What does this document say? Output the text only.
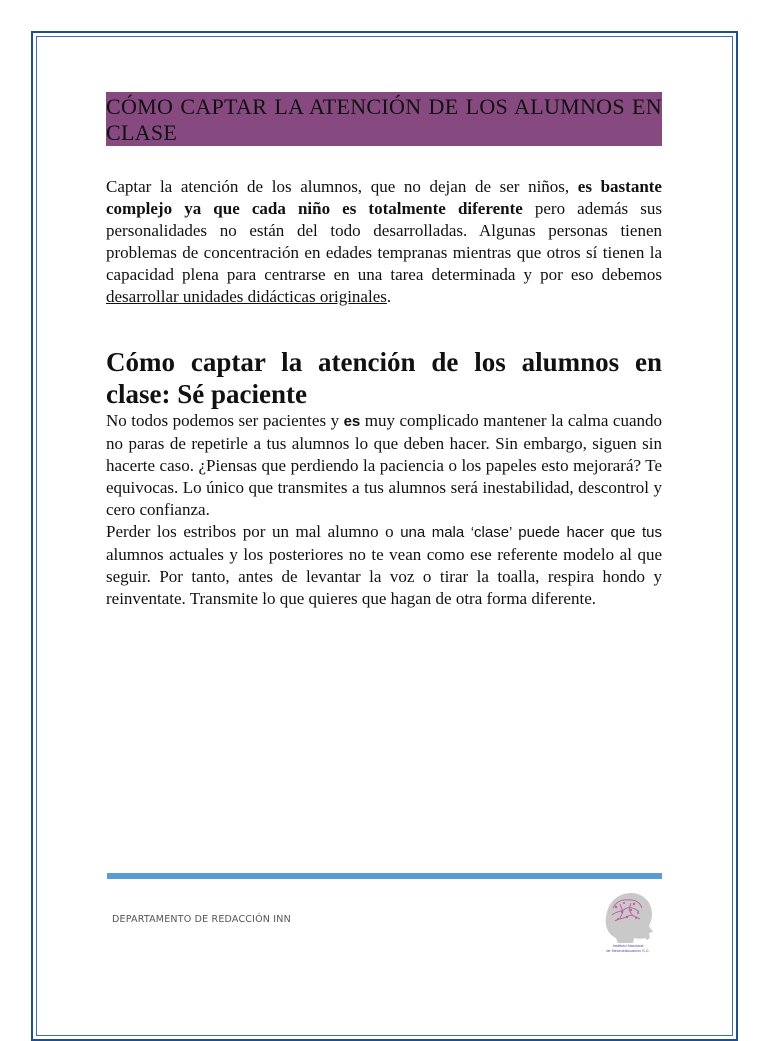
CÓMO CAPTAR LA ATENCIÓN DE LOS ALUMNOS EN CLASE

Captar la atención de los alumnos, que no dejan de ser niños, es bastante complejo ya que cada niño es totalmente diferente pero además sus personalidades no están del todo desarrolladas. Algunas personas tienen problemas de concentración en edades tempranas mientras que otros sí tienen la capacidad plena para centrarse en una tarea determinada y por eso debemos desarrollar unidades didácticas originales.

Cómo captar la atención de los alumnos en clase: Sé paciente

No todos podemos ser pacientes y es muy complicado mantener la calma cuando no paras de repetirle a tus alumnos lo que deben hacer. Sin embargo, siguen sin hacerte caso. ¿Piensas que perdiendo la paciencia o los papeles esto mejorará? Te equivocas. Lo único que transmites a tus alumnos será inestabilidad, descontrol y cero confianza.

Perder los estribos por un mal alumno o una mala ‘clase’ puede hacer que tus alumnos actuales y los posteriores no te vean como ese referente modelo al que seguir. Por tanto, antes de levantar la voz o tirar la toalla, respira hondo y reinventate. Transmite lo que quieres que hagan de otra forma diferente.

DEPARTAMENTO DE REDACCIÓN INN
Instituto Nacional
de Neuroeducación S.C.
